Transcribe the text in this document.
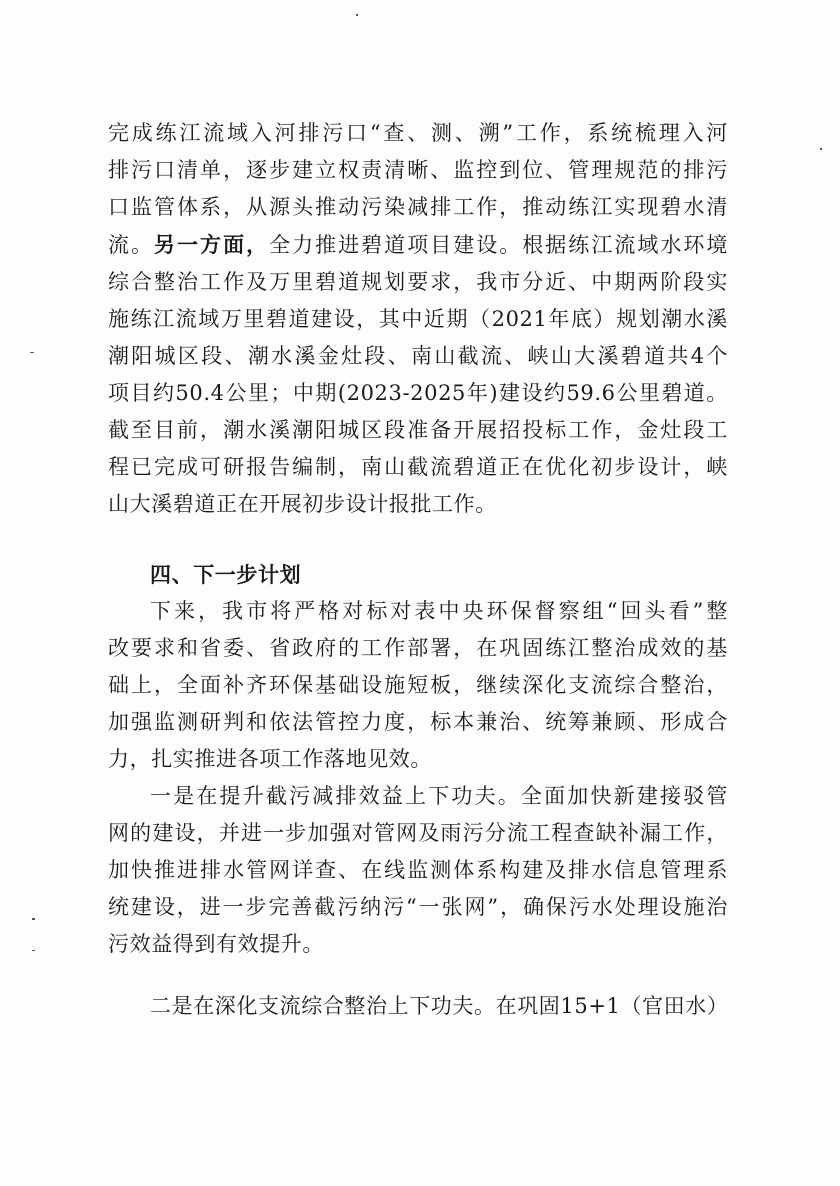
完成练江流域入河排污口“查、测、溯”工作，系统梳理入河

排污口清单，逐步建立权责清晰、监控到位、管理规范的排污

口监管体系，从源头推动污染减排工作，推动练江实现碧水清

流。另一方面，全力推进碧道项目建设。根据练江流域水环境

综合整治工作及万里碧道规划要求，我市分近、中期两阶段实

施练江流域万里碧道建设，其中近期（2021年底）规划潮水溪

潮阳城区段、潮水溪金灶段、南山截流、峡山大溪碧道共4个

项目约50.4公里；中期(2023-2025年)建设约59.6公里碧道。

截至目前，潮水溪潮阳城区段准备开展招投标工作，金灶段工

程已完成可研报告编制，南山截流碧道正在优化初步设计，峡

山大溪碧道正在开展初步设计报批工作。

四、下一步计划

下来，我市将严格对标对表中央环保督察组“回头看”整

改要求和省委、省政府的工作部署，在巩固练江整治成效的基

础上，全面补齐环保基础设施短板，继续深化支流综合整治，

加强监测研判和依法管控力度，标本兼治、统筹兼顾、形成合

力，扎实推进各项工作落地见效。

一是在提升截污减排效益上下功夫。全面加快新建接驳管

网的建设，并进一步加强对管网及雨污分流工程查缺补漏工作，

加快推进排水管网详查、在线监测体系构建及排水信息管理系

统建设，进一步完善截污纳污“一张网”，确保污水处理设施治

污效益得到有效提升。

二是在深化支流综合整治上下功夫。在巩固15+1（官田水）
